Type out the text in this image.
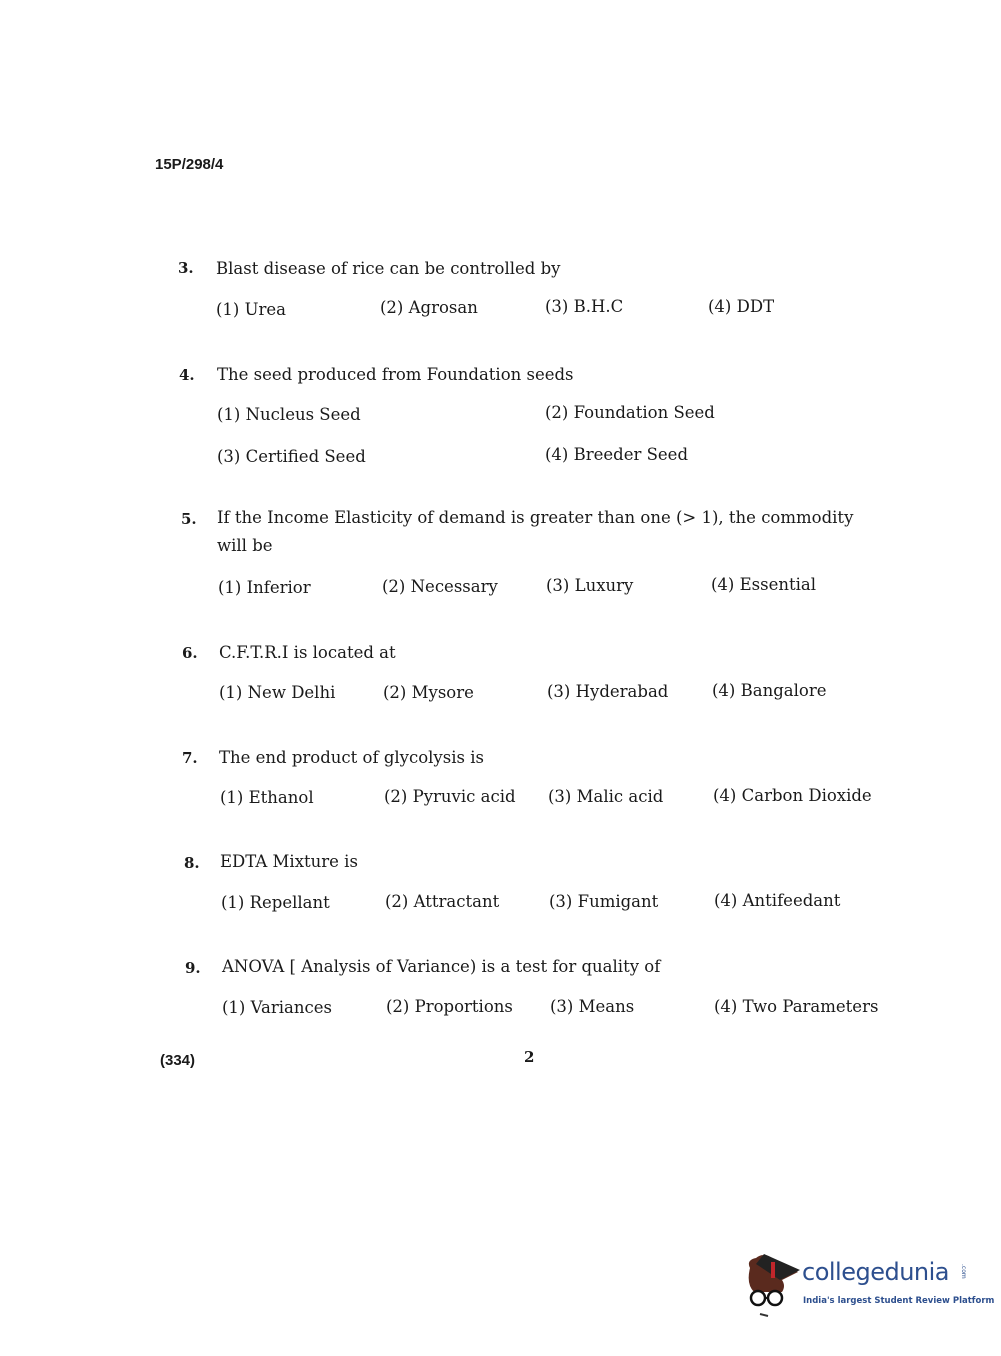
15P/298/4
3. Blast disease of rice can be controlled by
(1) Urea	(2) Agrosan	(3) B.H.C	(4) DDT
4. The seed produced from Foundation seeds
(1) Nucleus Seed	(2) Foundation Seed
(3) Certified Seed	(4) Breeder Seed
5. If the Income Elasticity of demand is greater than one (> 1), the commodity
will be
(1) Inferior	(2) Necessary	(3) Luxury	(4) Essential
6. C.F.T.R.I is located at
(1) New Delhi	(2) Mysore	(3) Hyderabad	(4) Bangalore
7. The end product of glycolysis is
(1) Ethanol	(2) Pyruvic acid (3) Malic acid	(4) Carbon Dioxide
8. EDTA Mixture is
(1) Repellant	(2) Attractant	(3) Fumigant	(4) Antifeedant
9. ANOVA [ Analysis of Variance) is a test for quality of
(1) Variances	(2) Proportions (3) Means	(4) Two Parameters
(334)	2
collegedunia .com
India's largest Student Review Platform
